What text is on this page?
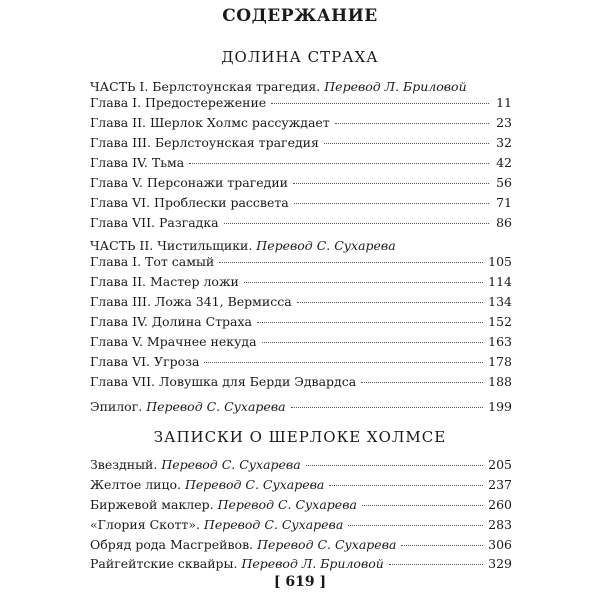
СОДЕРЖАНИЕ
ДОЛИНА СТРАХА
ЧАСТЬ I. Берлстоунская трагедия. Перевод Л. Бриловой
Глава I. Предостережение	11
Глава II. Шерлок Холмс рассуждает	23
Глава III. Берлстоунская трагедия	32
Глава IV. Тьма	42
Глава V. Персонажи трагедии	56
Глава VI. Проблески рассвета	71
Глава VII. Разгадка	86
ЧАСТЬ II. Чистильщики. Перевод С. Сухарева
Глава I. Тот самый	105
Глава II. Мастер ложи	114
Глава III. Ложа 341, Вермисса	134
Глава IV. Долина Страха	152
Глава V. Мрачнее некуда	163
Глава VI. Угроза	178
Глава VII. Ловушка для Берди Эдвардса	188
Эпилог. Перевод С. Сухарева	199
ЗАПИСКИ О ШЕРЛОКЕ ХОЛМСЕ
Звездный. Перевод С. Сухарева	205
Желтое лицо. Перевод С. Сухарева	237
Биржевой маклер. Перевод С. Сухарева	260
«Глория Скотт». Перевод С. Сухарева	283
Обряд рода Масгрейвов. Перевод С. Сухарева	306
Райгейтские сквайры. Перевод Л. Бриловой	329
[ 619 ]
